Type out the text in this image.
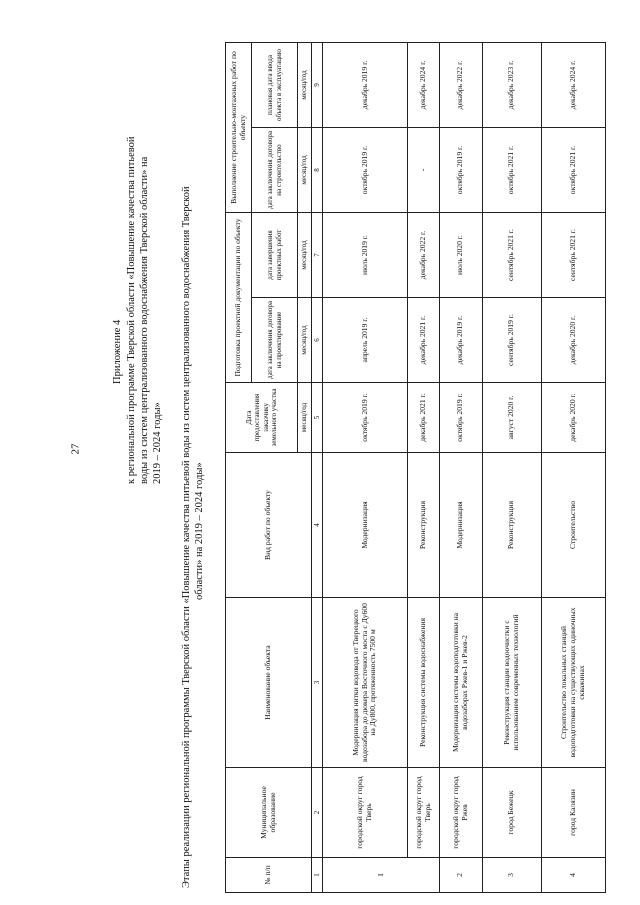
27
Приложение 4 к региональной программе Тверской области «Повышение качества питьевой воды из систем централизованного водоснабжения Тверской области» на 2019 – 2024 годы» Этапы реализации региональной программы Тверской области «Повышение качества питьевой воды из систем централизованного водоснабжения Тверской области» на 2019 – 2024 годы»
№ п/п	Муниципальное образование	Наименование объекта	Вид работ по объекту	Дата предоставления заказчику земельного участка	Подготовка проектной документации по объекту		Выполнение строительно-монтажных работ по объекту	
					дата заключения договора на проектирование	дата завершения проектных работ	дата заключения договора на строительство	плановая дата ввода объекта в эксплуатацию
				месяц/год	месяц/год	месяц/год	месяц/год	месяц/год
1	2	3	4	5	6	7	8	9
1	городской округ город Тверь	Модернизация нитки водовода от Тверецкого водозабора до дюкера Восточного моста с Ду600 на Ду800, протяженность 7500 м	Модернизация	октябрь 2019 г.	апрель 2019 г.	июль 2019 г.	октябрь 2019 г.	декабрь 2019 г.
	городской округ город Тверь	Реконструкция системы водоснабжения	Реконструкция	декабрь 2021 г.	декабрь 2021 г.	декабрь 2022 г.	-	декабрь 2024 г.
2	городской округ город Ржев	Модернизация системы водоподготовки на водозаборах Ржев-1 и Ржев-2	Модернизация	октябрь 2019 г.	декабрь 2019 г.	июль 2020 г.	октябрь 2019 г.	декабрь 2022 г.
3	город Бежецк	Реконструкция станции водоочистки с использованием современных технологий	Реконструкция	август 2020 г.	сентябрь 2019 г.	сентябрь 2021 г.	октябрь 2021 г.	декабрь 2023 г.
4	город Калязин	Строительство локальных станций водоподготовки на существующих одиночных скважинах	Строительство	декабрь 2020 г.	декабрь 2020 г.	сентябрь 2021 г.	октябрь 2021 г.	декабрь 2024 г.
